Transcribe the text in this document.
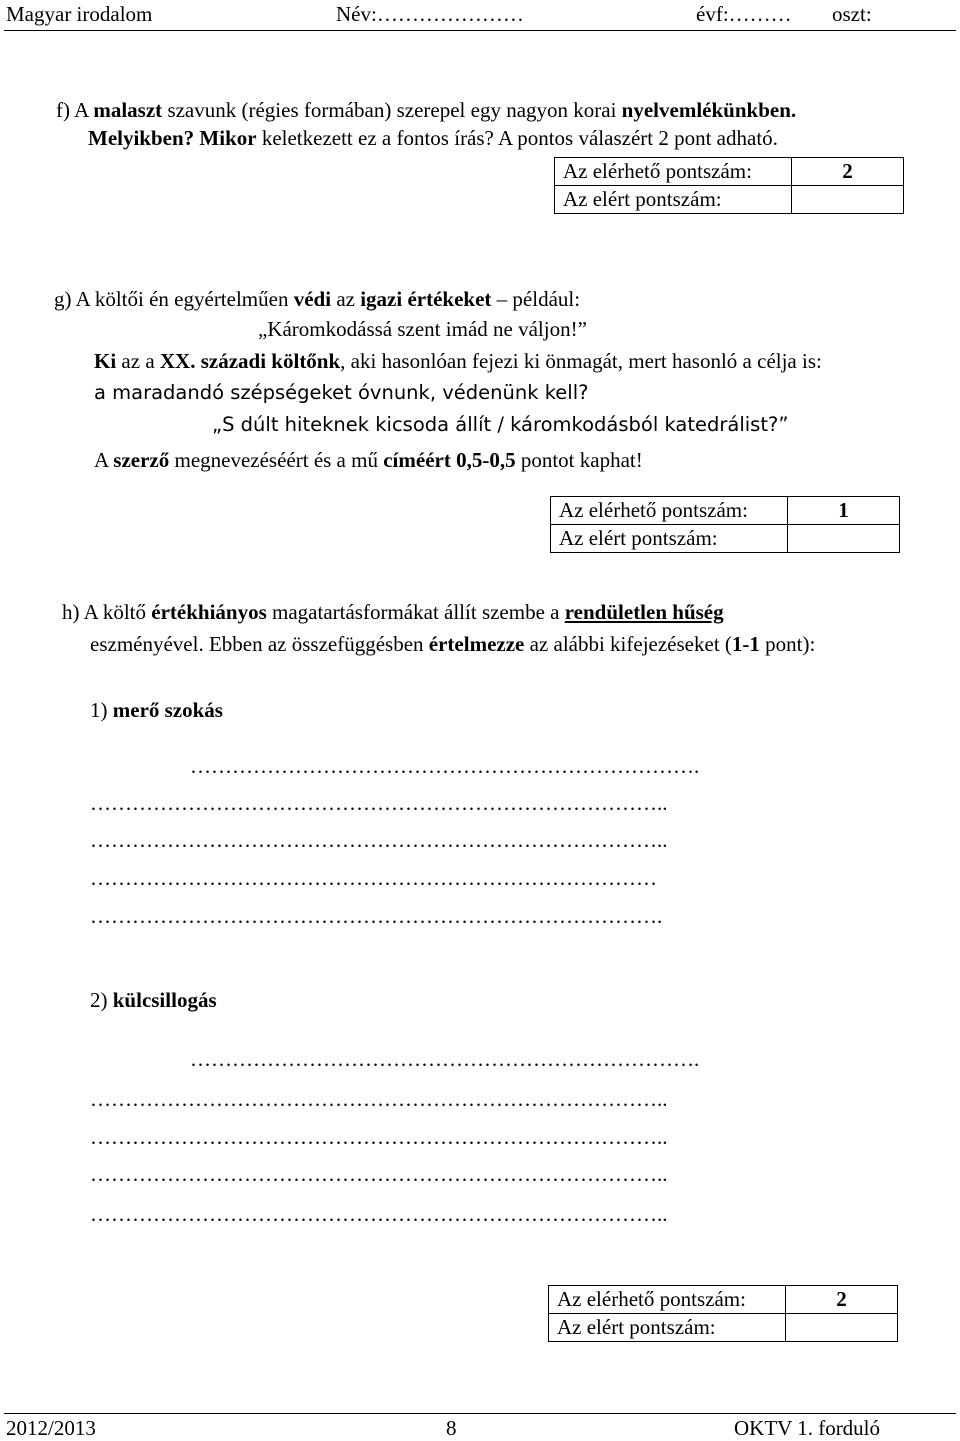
Magyar irodalom	Név:…………………	évf:……… oszt:
f) A malaszt szavunk (régies formában) szerepel egy nagyon korai nyelvemlékünkben.
Melyikben? Mikor keletkezett ez a fontos írás? A pontos válaszért 2 pont adható.
Az elérhető pontszám:	2
Az elért pontszám:	
g) A költői én egyértelműen védi az igazi értékeket – például:
„Káromkodássá szent imád ne váljon!”
Ki az a XX. századi költőnk, aki hasonlóan fejezi ki önmagát, mert hasonló a célja is:
a maradandó szépségeket óvnunk, védenünk kell?
„S dúlt hiteknek kicsoda állít / káromkodásból katedrálist?”
A szerző megnevezéséért és a mű címéért 0,5-0,5 pontot kaphat!
Az elérhető pontszám:	1
Az elért pontszám:	
h) A költő értékhiányos magatartásformákat állít szembe a rendületlen hűség
eszményével. Ebben az összefüggésben értelmezze az alábbi kifejezéseket (1-1 pont):
1) merő szokás
……………………………………………………………….
………………………………………………………………………..
………………………………………………………………………..
………………………………………………………………………
……………………………………………………………………….
2) külcsillogás
……………………………………………………………….
………………………………………………………………………..
………………………………………………………………………..
………………………………………………………………………..
………………………………………………………………………..
Az elérhető pontszám:	2
Az elért pontszám:	
2012/2013	8	OKTV 1. forduló
